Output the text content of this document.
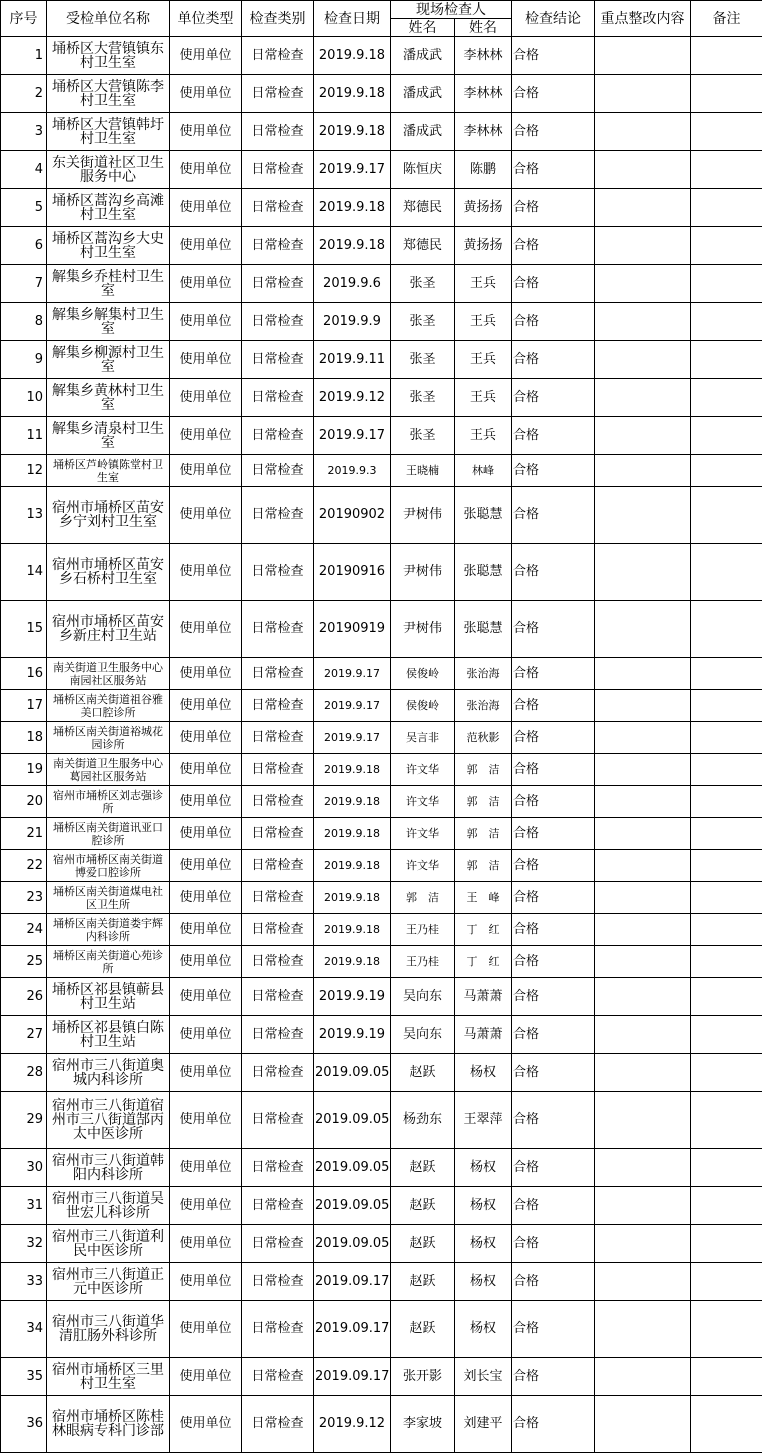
序号	受检单位名称	单位类型	检查类别	检查日期	现场检查人		检查结论	重点整改内容	备注
					姓名	姓名			
1	埇桥区大营镇镇东村卫生室	使用单位	日常检查	2019.9.18	潘成武	李林林	合格		
2	埇桥区大营镇陈李村卫生室	使用单位	日常检查	2019.9.18	潘成武	李林林	合格		
3	埇桥区大营镇韩圩村卫生室	使用单位	日常检查	2019.9.18	潘成武	李林林	合格		
4	东关街道社区卫生服务中心	使用单位	日常检查	2019.9.17	陈恒庆	陈鹏	合格		
5	埇桥区蒿沟乡高滩村卫生室	使用单位	日常检查	2019.9.18	郑德民	黄扬扬	合格		
6	埇桥区蒿沟乡大史村卫生室	使用单位	日常检查	2019.9.18	郑德民	黄扬扬	合格		
7	解集乡乔桂村卫生室	使用单位	日常检查	2019.9.6	张圣	王兵	合格		
8	解集乡解集村卫生室	使用单位	日常检查	2019.9.9	张圣	王兵	合格		
9	解集乡柳源村卫生室	使用单位	日常检查	2019.9.11	张圣	王兵	合格		
10	解集乡黄林村卫生室	使用单位	日常检查	2019.9.12	张圣	王兵	合格		
11	解集乡清泉村卫生室	使用单位	日常检查	2019.9.17	张圣	王兵	合格		
12	埇桥区芦岭镇陈堂村卫生室	使用单位	日常检查	2019.9.3	王晓楠	林峰	合格		
13	宿州市埇桥区苗安乡宁刘村卫生室	使用单位	日常检查	20190902	尹树伟	张聪慧	合格		
14	宿州市埇桥区苗安乡石桥村卫生室	使用单位	日常检查	20190916	尹树伟	张聪慧	合格		
15	宿州市埇桥区苗安乡新庄村卫生站	使用单位	日常检查	20190919	尹树伟	张聪慧	合格		
16	南关街道卫生服务中心南园社区服务站	使用单位	日常检查	2019.9.17	侯俊岭	张治海	合格		
17	埇桥区南关街道祖谷雅美口腔诊所	使用单位	日常检查	2019.9.17	侯俊岭	张治海	合格		
18	埇桥区南关街道裕城花园诊所	使用单位	日常检查	2019.9.17	吴言非	范秋影	合格		
19	南关街道卫生服务中心葛园社区服务站	使用单位	日常检查	2019.9.18	许文华	郭　洁	合格		
20	宿州市埇桥区刘志强诊所	使用单位	日常检查	2019.9.18	许文华	郭　洁	合格		
21	埇桥区南关街道讯亚口腔诊所	使用单位	日常检查	2019.9.18	许文华	郭　洁	合格		
22	宿州市埇桥区南关街道博爱口腔诊所	使用单位	日常检查	2019.9.18	许文华	郭　洁	合格		
23	埇桥区南关街道煤电社区卫生所	使用单位	日常检查	2019.9.18	郭　洁	王　峰	合格		
24	埇桥区南关街道娄宇辉内科诊所	使用单位	日常检查	2019.9.18	王乃桂	丁　红	合格		
25	埇桥区南关街道心苑诊所	使用单位	日常检查	2019.9.18	王乃桂	丁　红	合格		
26	埇桥区祁县镇蕲县村卫生站	使用单位	日常检查	2019.9.19	吴向东	马萧萧	合格		
27	埇桥区祁县镇白陈村卫生站	使用单位	日常检查	2019.9.19	吴向东	马萧萧	合格		
28	宿州市三八街道奥城内科诊所	使用单位	日常检查	2019.09.05	赵跃	杨权	合格		
29	宿州市三八街道宿州市三八街道郜丙太中医诊所	使用单位	日常检查	2019.09.05	杨劲东	王翠萍	合格		
30	宿州市三八街道韩阳内科诊所	使用单位	日常检查	2019.09.05	赵跃	杨权	合格		
31	宿州市三八街道吴世宏儿科诊所	使用单位	日常检查	2019.09.05	赵跃	杨权	合格		
32	宿州市三八街道利民中医诊所	使用单位	日常检查	2019.09.05	赵跃	杨权	合格		
33	宿州市三八街道正元中医诊所	使用单位	日常检查	2019.09.17	赵跃	杨权	合格		
34	宿州市三八街道华清肛肠外科诊所	使用单位	日常检查	2019.09.17	赵跃	杨权	合格		
35	宿州市埇桥区三里村卫生室	使用单位	日常检查	2019.09.17	张开影	刘长宝	合格		
36	宿州市埇桥区陈桂林眼病专科门诊部	使用单位	日常检查	2019.9.12	李家坡	刘建平	合格		
